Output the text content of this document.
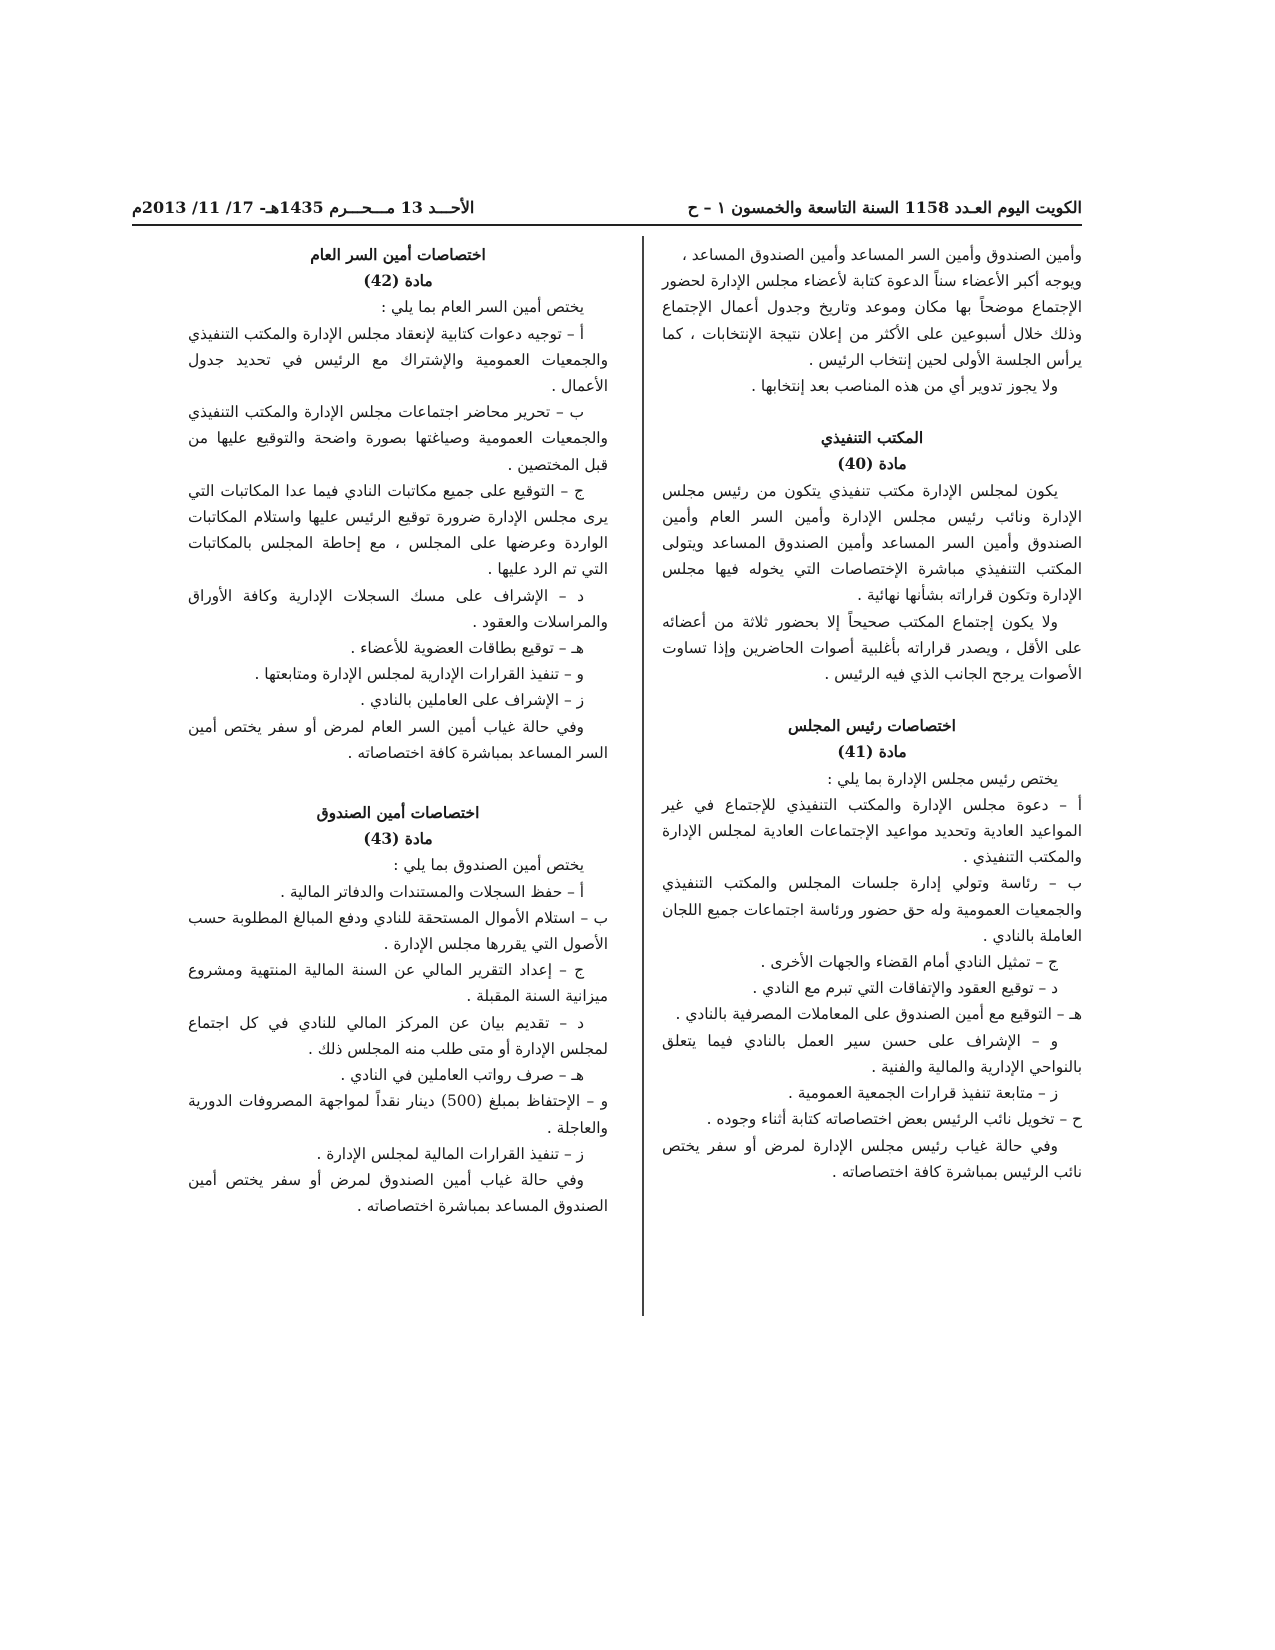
الكويت اليوم العـدد 1158 السنة التاسعة والخمسون ١ – ح
الأحـــد 13 مـــحـــرم 1435هـ- 17/ 11/ 2013م

وأمين الصندوق وأمين السر المساعد وأمين الصندوق المساعد ،

ويوجه أكبر الأعضاء سناً الدعوة كتابة لأعضاء مجلس الإدارة لحضور الإجتماع موضحاً بها مكان وموعد وتاريخ وجدول أعمال الإجتماع وذلك خلال أسبوعين على الأكثر من إعلان نتيجة الإنتخابات ، كما يرأس الجلسة الأولى لحين إنتخاب الرئيس .

ولا يجوز تدوير أي من هذه المناصب بعد إنتخابها .

المكتب التنفيذي

مادة (40)

يكون لمجلس الإدارة مكتب تنفيذي يتكون من رئيس مجلس الإدارة ونائب رئيس مجلس الإدارة وأمين السر العام وأمين الصندوق وأمين السر المساعد وأمين الصندوق المساعد ويتولى المكتب التنفيذي مباشرة الإختصاصات التي يخوله فيها مجلس الإدارة وتكون قراراته بشأنها نهائية .

ولا يكون إجتماع المكتب صحيحاً إلا بحضور ثلاثة من أعضائه على الأقل ، ويصدر قراراته بأغلبية أصوات الحاضرين وإذا تساوت الأصوات يرجح الجانب الذي فيه الرئيس .

اختصاصات رئيس المجلس

مادة (41)

يختص رئيس مجلس الإدارة بما يلي :

أ – دعوة مجلس الإدارة والمكتب التنفيذي للإجتماع في غير المواعيد العادية وتحديد مواعيد الإجتماعات العادية لمجلس الإدارة والمكتب التنفيذي .

ب – رئاسة وتولي إدارة جلسات المجلس والمكتب التنفيذي والجمعيات العمومية وله حق حضور ورئاسة اجتماعات جميع اللجان العاملة بالنادي .

ج – تمثيل النادي أمام القضاء والجهات الأخرى .

د – توقيع العقود والإتفاقات التي تبرم مع النادي .

هـ – التوقيع مع أمين الصندوق على المعاملات المصرفية بالنادي .

و – الإشراف على حسن سير العمل بالنادي فيما يتعلق بالنواحي الإدارية والمالية والفنية .

ز – متابعة تنفيذ قرارات الجمعية العمومية .

ح – تخويل نائب الرئيس بعض اختصاصاته كتابة أثناء وجوده .

وفي حالة غياب رئيس مجلس الإدارة لمرض أو سفر يختص نائب الرئيس بمباشرة كافة اختصاصاته .

اختصاصات أمين السر العام

مادة (42)

يختص أمين السر العام بما يلي :

أ – توجيه دعوات كتابية لإنعقاد مجلس الإدارة والمكتب التنفيذي والجمعيات العمومية والإشتراك مع الرئيس في تحديد جدول الأعمال .

ب – تحرير محاضر اجتماعات مجلس الإدارة والمكتب التنفيذي والجمعيات العمومية وصياغتها بصورة واضحة والتوقيع عليها من قبل المختصين .

ج – التوقيع على جميع مكاتبات النادي فيما عدا المكاتبات التي يرى مجلس الإدارة ضرورة توقيع الرئيس عليها واستلام المكاتبات الواردة وعرضها على المجلس ، مع إحاطة المجلس بالمكاتبات التي تم الرد عليها .

د – الإشراف على مسك السجلات الإدارية وكافة الأوراق والمراسلات والعقود .

هـ – توقيع بطاقات العضوية للأعضاء .

و – تنفيذ القرارات الإدارية لمجلس الإدارة ومتابعتها .

ز – الإشراف على العاملين بالنادي .

وفي حالة غياب أمين السر العام لمرض أو سفر يختص أمين السر المساعد بمباشرة كافة اختصاصاته .

اختصاصات أمين الصندوق

مادة (43)

يختص أمين الصندوق بما يلي :

أ – حفظ السجلات والمستندات والدفاتر المالية .

ب – استلام الأموال المستحقة للنادي ودفع المبالغ المطلوبة حسب الأصول التي يقررها مجلس الإدارة .

ج – إعداد التقرير المالي عن السنة المالية المنتهية ومشروع ميزانية السنة المقبلة .

د – تقديم بيان عن المركز المالي للنادي في كل اجتماع لمجلس الإدارة أو متى طلب منه المجلس ذلك .

هـ – صرف رواتب العاملين في النادي .

و – الإحتفاظ بمبلغ (500) دينار نقداً لمواجهة المصروفات الدورية والعاجلة .

ز – تنفيذ القرارات المالية لمجلس الإدارة .

وفي حالة غياب أمين الصندوق لمرض أو سفر يختص أمين الصندوق المساعد بمباشرة اختصاصاته .
